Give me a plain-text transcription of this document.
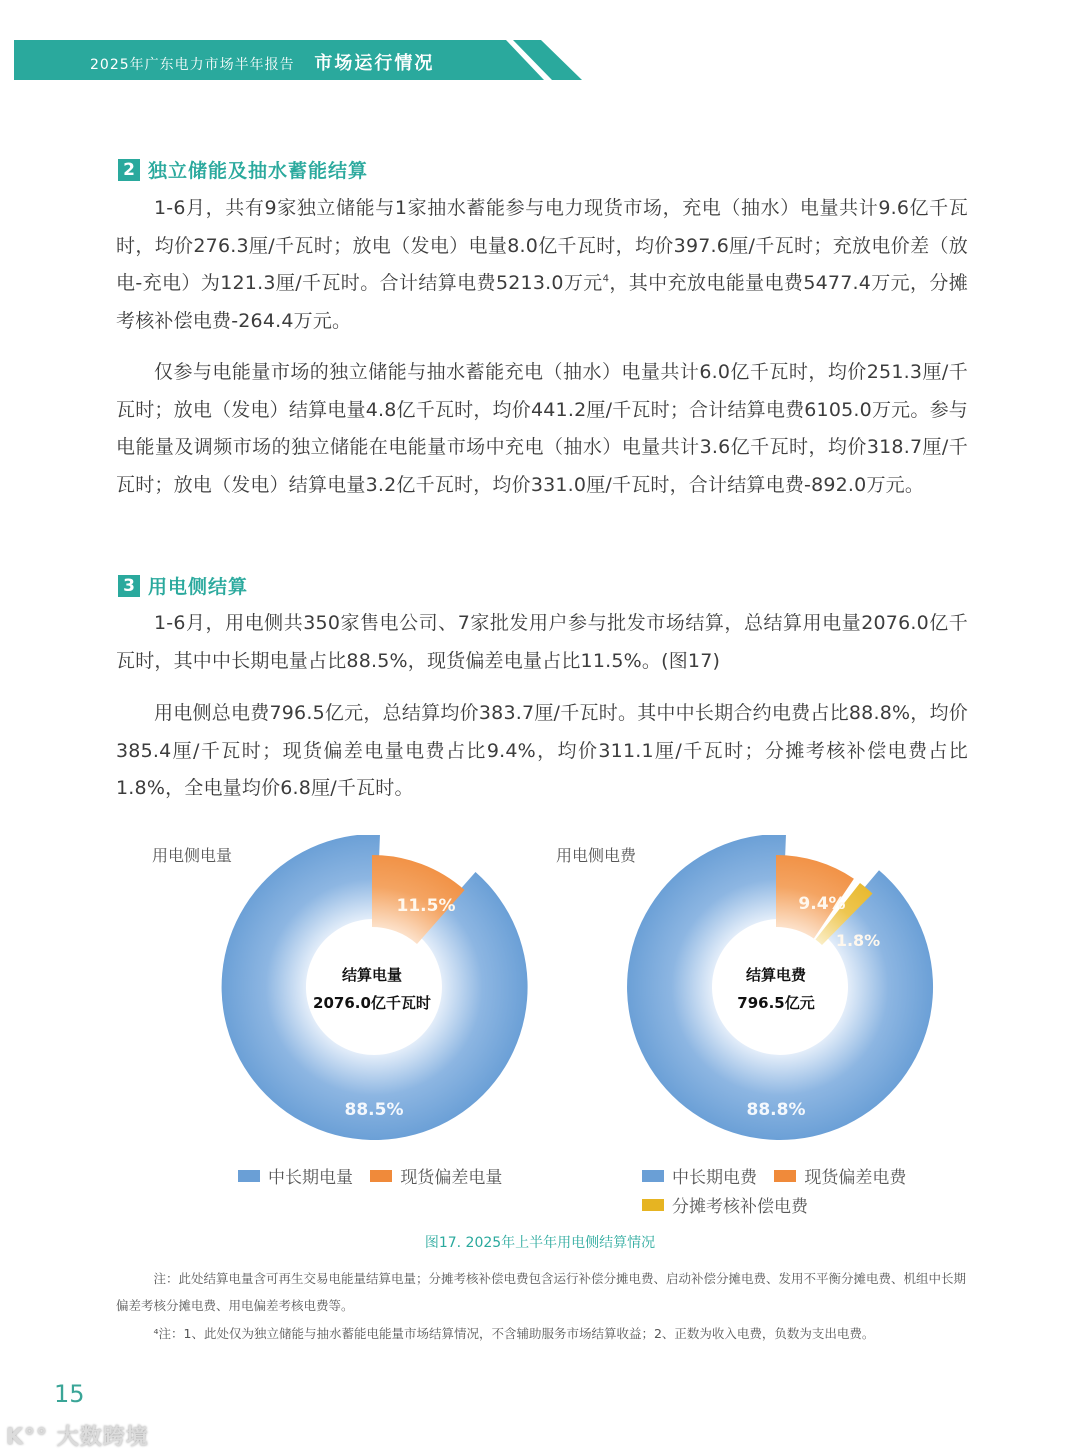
2025年广东电力市场半年报告 市场运行情况
2 独立储能及抽水蓄能结算
1-6月，共有9家独立储能与1家抽水蓄能参与电力现货市场，充电（抽水）电量共计9.6亿千瓦时，均价276.3厘/千瓦时；放电（发电）电量8.0亿千瓦时，均价397.6厘/千瓦时；充放电价差（放电-充电）为121.3厘/千瓦时。合计结算电费5213.0万元$^4$，其中充放电能量电费5477.4万元，分摊考核补偿电费-264.4万元。
仅参与电能量市场的独立储能与抽水蓄能充电（抽水）电量共计6.0亿千瓦时，均价251.3厘/千瓦时；放电（发电）结算电量4.8亿千瓦时，均价441.2厘/千瓦时；合计结算电费6105.0万元。参与电能量及调频市场的独立储能在电能量市场中充电（抽水）电量共计3.6亿千瓦时，均价318.7厘/千瓦时；放电（发电）结算电量3.2亿千瓦时，均价331.0厘/千瓦时，合计结算电费-892.0万元。
3 用电侧结算
1-6月，用电侧共350家售电公司、7家批发用户参与批发市场结算，总结算用电量2076.0亿千瓦时，其中中长期电量占比88.5%，现货偏差电量占比11.5%。(图17)
用电侧总电费796.5亿元，总结算均价383.7厘/千瓦时。其中中长期合约电费占比88.8%，均价385.4厘/千瓦时；现货偏差电量电费占比9.4%，均价311.1厘/千瓦时；分摊考核补偿电费占比1.8%，全电量均价6.8厘/千瓦时。
用电侧电量
11.5%
88.5%
结算电量
2076.0亿千瓦时
中长期电量
	现货偏差电量
用电侧电费
9.4%
1.8%
88.8%
结算电费
796.5亿元
中长期电费
	现货偏差电费
分摊考核补偿电费
图17. 2025年上半年用电侧结算情况
注：此处结算电量含可再生交易电能量结算电量；分摊考核补偿电费包含运行补偿分摊电费、启动补偿分摊电费、发用不平衡分摊电费、机组中长期偏差考核分摊电费、用电偏差考核电费等。
⁴注：1、此处仅为独立储能与抽水蓄能电能量市场结算情况，不含辅助服务市场结算收益；2、正数为收入电费，负数为支出电费。
15
K°° 大数跨境
